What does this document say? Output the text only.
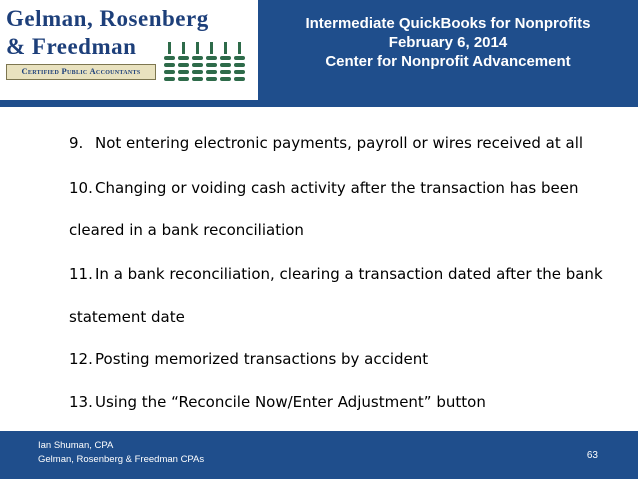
Gelman, Rosenberg
& Freedman
Certified Public Accountants
Intermediate QuickBooks for Nonprofits
February 6, 2014
Center for Nonprofit Advancement
9. Not entering electronic payments, payroll or wires received at all
10. Changing or voiding cash activity after the transaction has been
cleared in a bank reconciliation
11. In a bank reconciliation, clearing a transaction dated after the bank
statement date
12. Posting memorized transactions by accident
13. Using the “Reconcile Now/Enter Adjustment” button
Ian Shuman, CPA
Gelman, Rosenberg & Freedman CPAs	63
